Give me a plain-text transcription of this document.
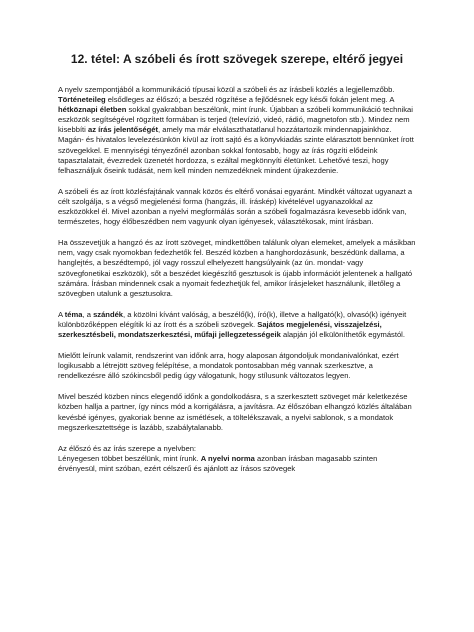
12. tétel: A szóbeli és írott szövegek szerepe, eltérő jegyei

A nyelv szempontjából a kommunikáció típusai közül a szóbeli és az írásbeli közlés a legjellemzőbb. Történeteileg elsődleges az élőszó; a beszéd rögzítése a fejlődésnek egy késői fokán jelent meg. A hétköznapi életben sokkal gyakrabban beszélünk, mint írunk. Újabban a szóbeli kommunikáció technikai eszközök segítségével rögzített formában is terjed (televízió, videó, rádió, magnetofon stb.). Mindez nem kisebbíti az írás jelentőségét, amely ma már elválaszthatatlanul hozzátartozik mindennapjainkhoz. Magán- és hivatalos levelezésünkön kívül az írott sajtó és a könyvkiadás szinte elárasztott bennünket írott szövegekkel. E mennyiségi tényezőnél azonban sokkal fontosabb, hogy az írás rögzíti elődeink tapasztalatait, évezredek üzenetét hordozza, s ezáltal megkönnyíti életünket. Lehetővé teszi, hogy felhasználjuk őseink tudását, nem kell minden nemzedéknek mindent újrakezdenie.

A szóbeli és az írott közlésfajtának vannak közös és eltérő vonásai egyaránt. Mindkét változat ugyanazt a célt szolgálja, s a végső megjelenési forma (hangzás, ill. íráskép) kivételével ugyanazokkal az eszközökkel él. Mivel azonban a nyelvi megformálás során a szóbeli fogalmazásra kevesebb időnk van, természetes, hogy élőbeszédben nem vagyunk olyan igényesek, választékosak, mint írásban.

Ha összevetjük a hangzó és az írott szöveget, mindkettőben találunk olyan elemeket, amelyek a másikban nem, vagy csak nyomokban fedezhetők fel. Beszéd közben a hanghordozásunk, beszédünk dallama, a hanglejtés, a beszédtempó, jól vagy rosszul elhelyezett hangsúlyaink (az ún. mondat- vagy szövegfonetikai eszközök), sőt a beszédet kiegészítő gesztusok is újabb információt jelentenek a hallgató számára. Írásban mindennek csak a nyomait fedezhetjük fel, amikor írásjeleket használunk, illetőleg a szövegben utalunk a gesztusokra.

A téma, a szándék, a közölni kívánt valóság, a beszélő(k), író(k), illetve a hallgató(k), olvasó(k) igényeit különbözőképpen elégítik ki az írott és a szóbeli szövegek. Sajátos megjelenési, visszajelzési, szerkesztésbeli, mondatszerkesztési, műfaji jellegzetességeik alapján jól elkülöníthetők egymástól.

Mielőtt leírunk valamit, rendszerint van időnk arra, hogy alaposan átgondoljuk mondanivalónkat, ezért logikusabb a létrejött szöveg felépítése, a mondatok pontosabban még vannak szerkesztve, a rendelkezésre álló szókincsből pedig úgy válogatunk, hogy stílusunk változatos legyen.

Mivel beszéd közben nincs elegendő időnk a gondolkodásra, s a szerkesztett szöveget már keletkezése közben hallja a partner, így nincs mód a korrigálásra, a javításra. Az élőszóban elhangzó közlés általában kevésbé igényes, gyakoriak benne az ismétlések, a töltelékszavak, a nyelvi sablonok, s a mondatok megszerkesztettsége is lazább, szabálytalanabb.

Az élőszó és az írás szerepe a nyelvben:
Lényegesen többet beszélünk, mint írunk. A nyelvi norma azonban írásban magasabb szinten érvényesül, mint szóban, ezért célszerű és ajánlott az írásos szövegek
